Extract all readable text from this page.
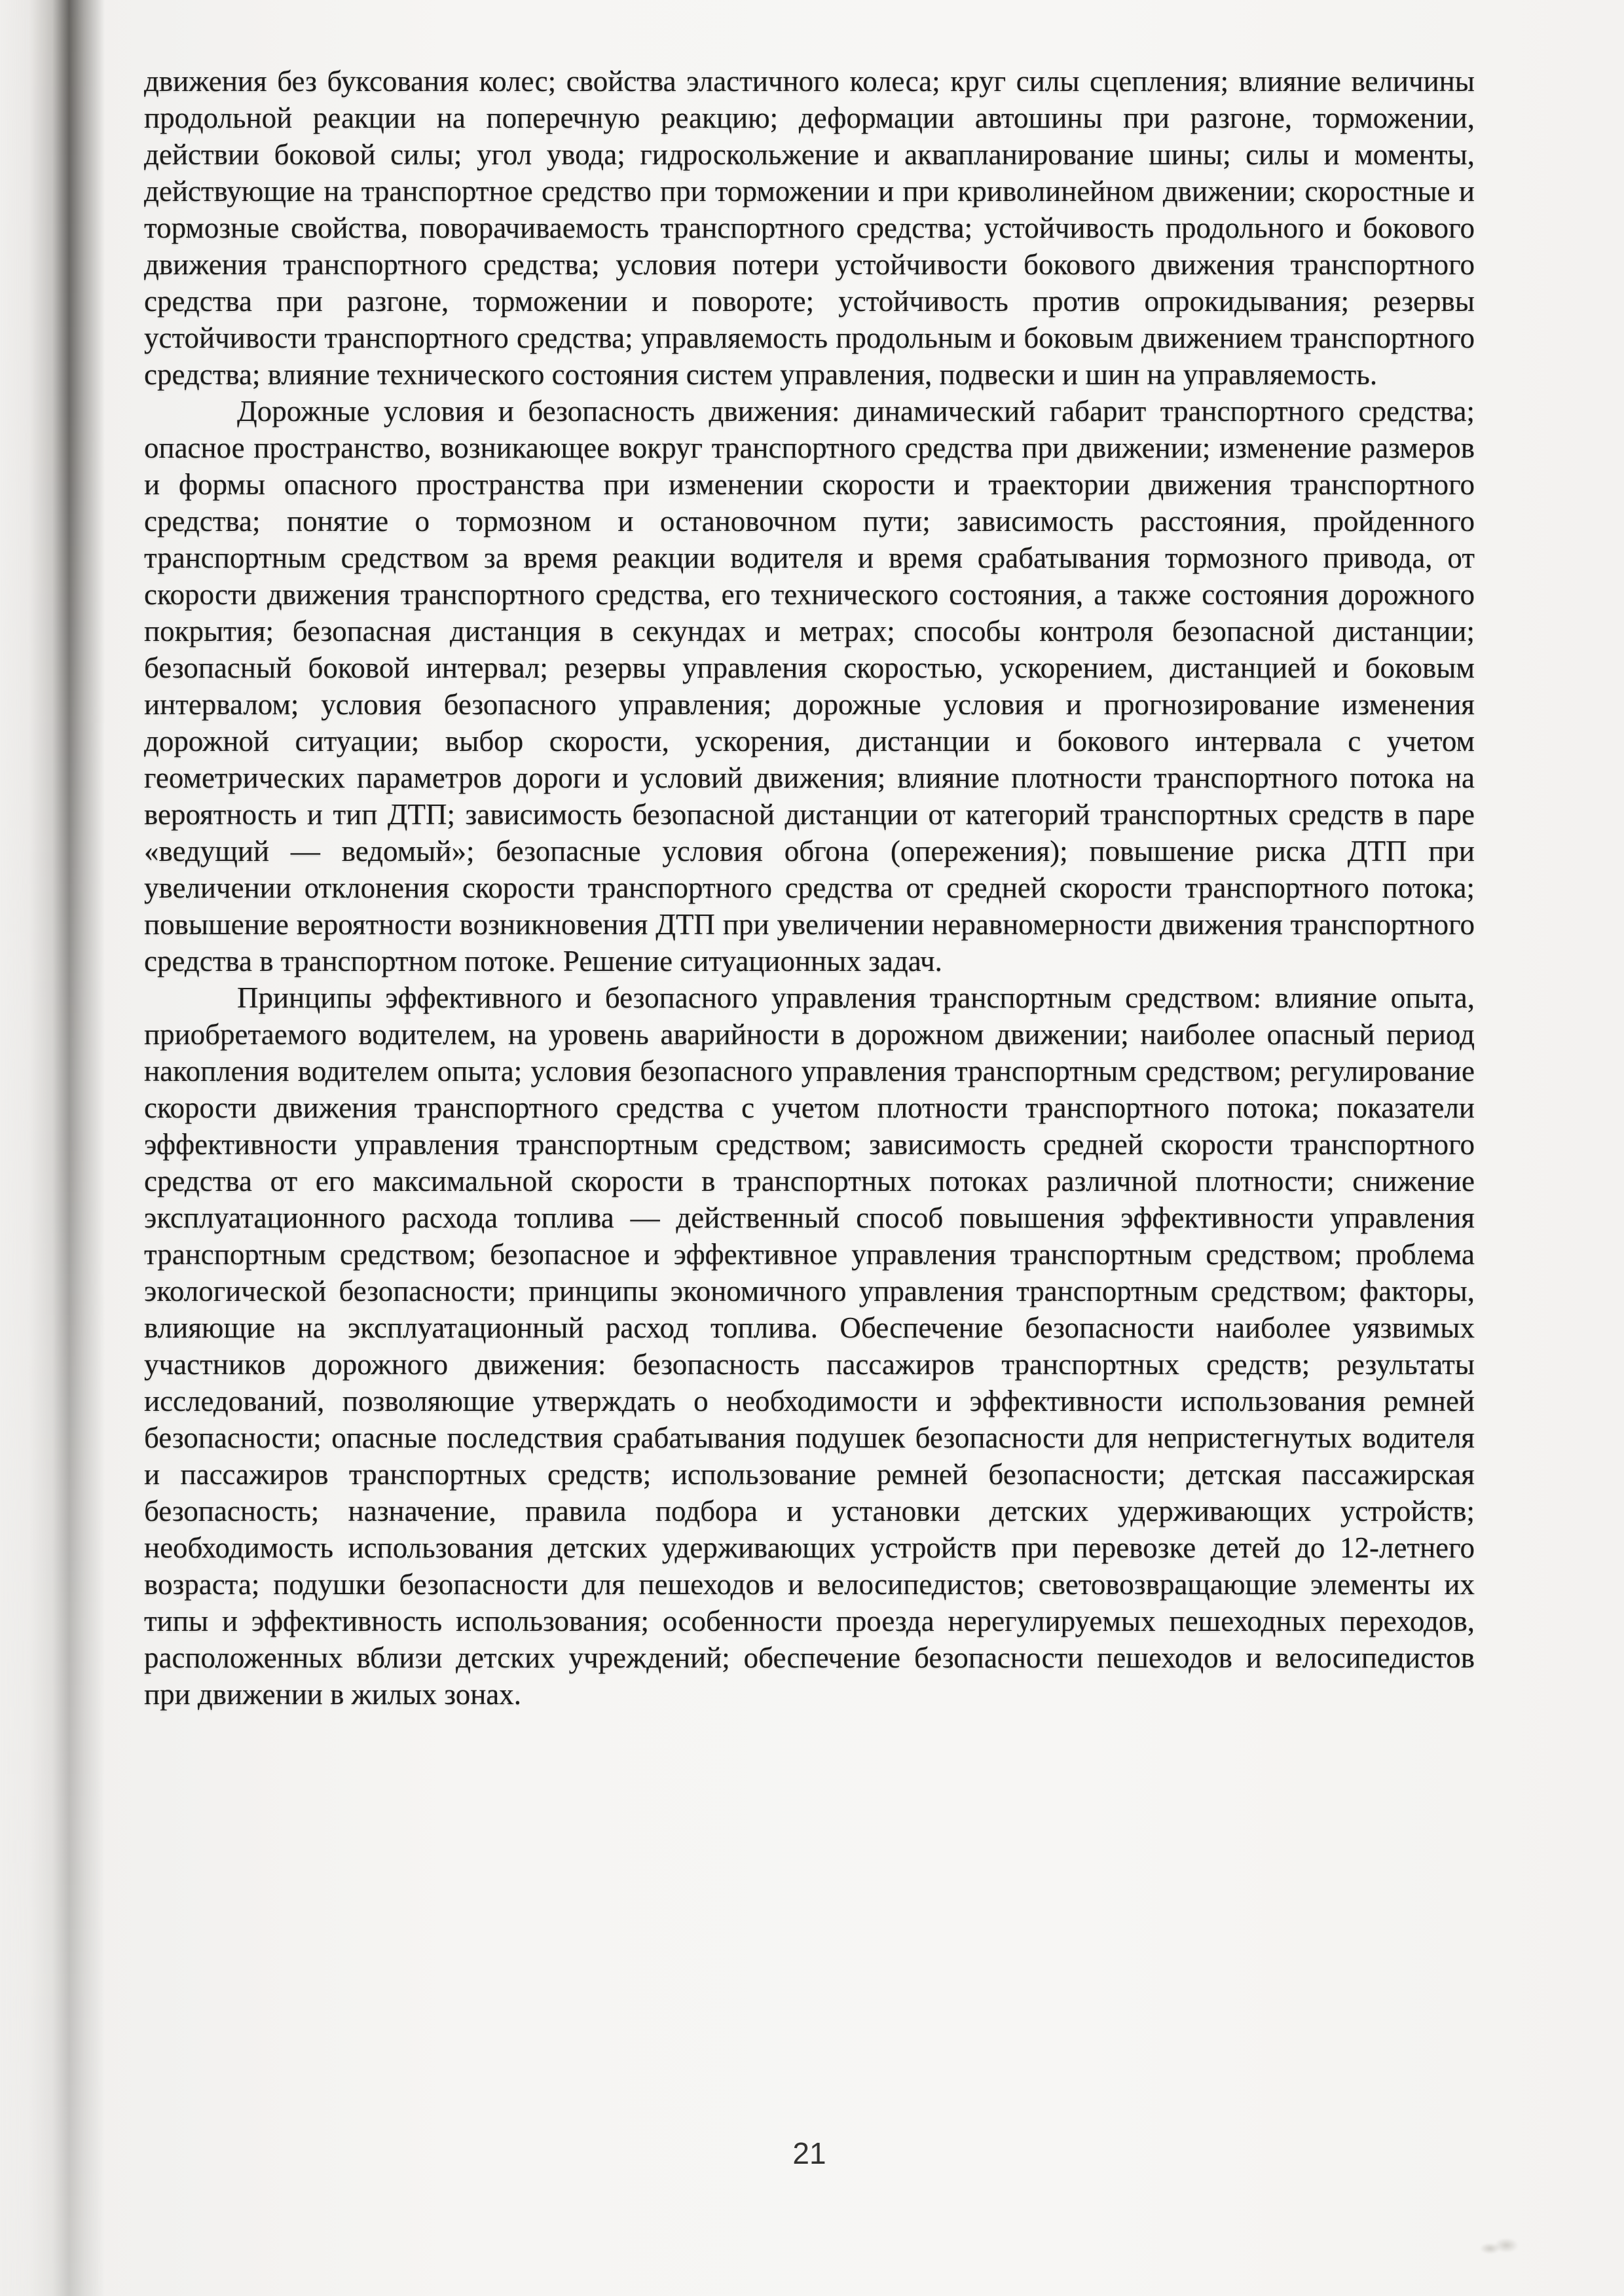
движения без буксования колес; свойства эластичного колеса; круг силы сцепления; влияние величины продольной реакции на поперечную реакцию; деформации автошины при разгоне, торможении, действии боковой силы; угол увода; гидроскольжение и аквапланирование шины; силы и моменты, действующие на транспортное средство при торможении и при криволинейном движении; скоростные и тормозные свойства, поворачиваемость транспортного средства; устойчивость продольного и бокового движения транспортного средства; условия потери устойчивости бокового движения транспортного средства при разгоне, торможении и повороте; устойчивость против опрокидывания; резервы устойчивости транспортного средства; управляемость продольным и боковым движением транспортного средства; влияние технического состояния систем управления, подвески и шин на управляемость.

Дорожные условия и безопасность движения: динамический габарит транспортного средства; опасное пространство, возникающее вокруг транспортного средства при движении; изменение размеров и формы опасного пространства при изменении скорости и траектории движения транспортного средства; понятие о тормозном и остановочном пути; зависимость расстояния, пройденного транспортным средством за время реакции водителя и время срабатывания тормозного привода, от скорости движения транспортного средства, его технического состояния, а также состояния дорожного покрытия; безопасная дистанция в секундах и метрах; способы контроля безопасной дистанции; безопасный боковой интервал; резервы управления скоростью, ускорением, дистанцией и боковым интервалом; условия безопасного управления; дорожные условия и прогнозирование изменения дорожной ситуации; выбор скорости, ускорения, дистанции и бокового интервала с учетом геометрических параметров дороги и условий движения; влияние плотности транспортного потока на вероятность и тип ДТП; зависимость безопасной дистанции от категорий транспортных средств в паре «ведущий — ведомый»; безопасные условия обгона (опережения); повышение риска ДТП при увеличении отклонения скорости транспортного средства от средней скорости транспортного потока; повышение вероятности возникновения ДТП при увеличении неравномерности движения транспортного средства в транспортном потоке. Решение ситуационных задач.

Принципы эффективного и безопасного управления транспортным средством: влияние опыта, приобретаемого водителем, на уровень аварийности в дорожном движении; наиболее опасный период накопления водителем опыта; условия безопасного управления транспортным средством; регулирование скорости движения транспортного средства с учетом плотности транспортного потока; показатели эффективности управления транспортным средством; зависимость средней скорости транспортного средства от его максимальной скорости в транспортных потоках различной плотности; снижение эксплуатационного расхода топлива — действенный способ повышения эффективности управления транспортным средством; безопасное и эффективное управления транспортным средством; проблема экологической безопасности; принципы экономичного управления транспортным средством; факторы, влияющие на эксплуатационный расход топлива. Обеспечение безопасности наиболее уязвимых участников дорожного движения: безопасность пассажиров транспортных средств; результаты исследований, позволяющие утверждать о необходимости и эффективности использования ремней безопасности; опасные последствия срабатывания подушек безопасности для непристегнутых водителя и пассажиров транспортных средств; использование ремней безопасности; детская пассажирская безопасность; назначение, правила подбора и установки детских удерживающих устройств; необходимость использования детских удерживающих устройств при перевозке детей до 12-летнего возраста; подушки безопасности для пешеходов и велосипедистов; световозвращающие элементы их типы и эффективность использования; особенности проезда нерегулируемых пешеходных переходов, расположенных вблизи детских учреждений; обеспечение безопасности пешеходов и велосипедистов при движении в жилых зонах.

21
